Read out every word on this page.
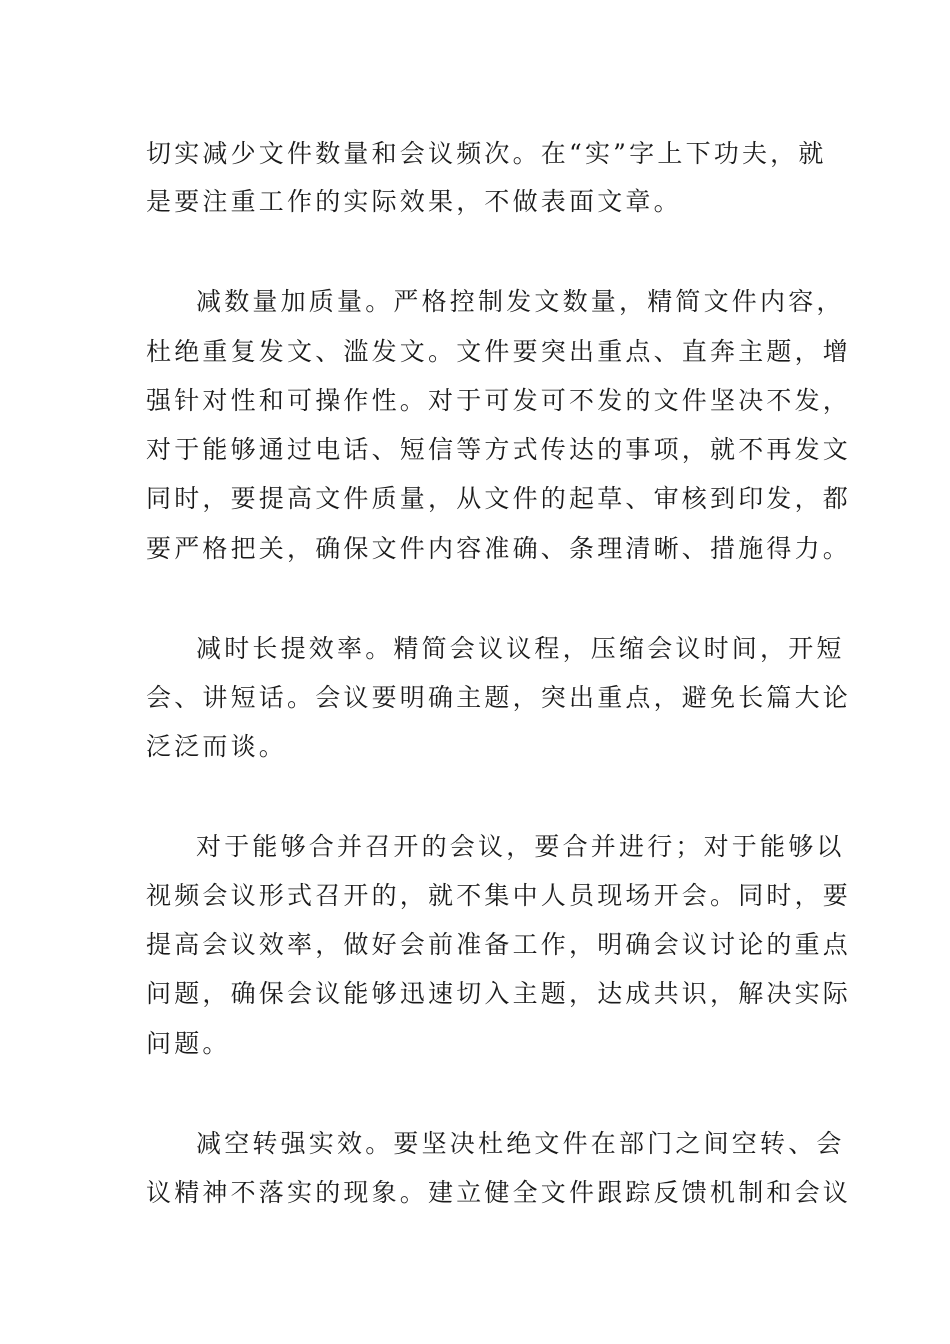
切实减少文件数量和会议频次。在“实”字上下功夫，就
是要注重工作的实际效果，不做表面文章。
减数量加质量。严格控制发文数量，精简文件内容，
杜绝重复发文、滥发文。文件要突出重点、直奔主题，增
强针对性和可操作性。对于可发可不发的文件坚决不发，
对于能够通过电话、短信等方式传达的事项，就不再发文
同时，要提高文件质量，从文件的起草、审核到印发，都
要严格把关，确保文件内容准确、条理清晰、措施得力。
减时长提效率。精简会议议程，压缩会议时间，开短
会、讲短话。会议要明确主题，突出重点，避免长篇大论
泛泛而谈。
对于能够合并召开的会议，要合并进行；对于能够以
视频会议形式召开的，就不集中人员现场开会。同时，要
提高会议效率，做好会前准备工作，明确会议讨论的重点
问题，确保会议能够迅速切入主题，达成共识，解决实际
问题。
减空转强实效。要坚决杜绝文件在部门之间空转、会
议精神不落实的现象。建立健全文件跟踪反馈机制和会议
